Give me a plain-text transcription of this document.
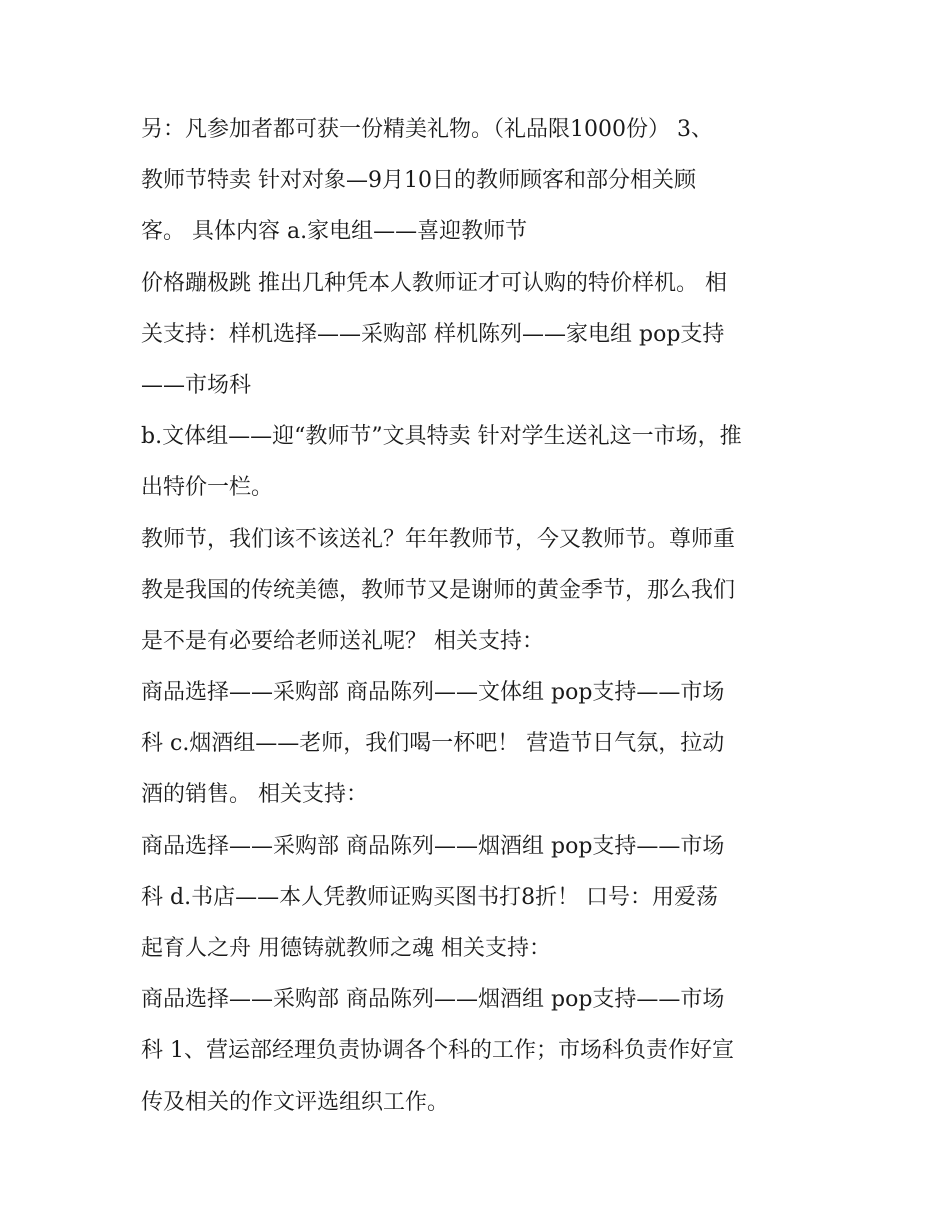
另：凡参加者都可获一份精美礼物。（礼品限1000份） 3、
教师节特卖 针对对象—9月10日的教师顾客和部分相关顾
客。 具体内容 a.家电组——喜迎教师节
价格蹦极跳 推出几种凭本人教师证才可认购的特价样机。 相
关支持：样机选择——采购部 样机陈列——家电组 pop支持
——市场科
b.文体组——迎“教师节”文具特卖 针对学生送礼这一市场，推
出特价一栏。
教师节，我们该不该送礼？年年教师节，今又教师节。尊师重
教是我国的传统美德，教师节又是谢师的黄金季节，那么我们
是不是有必要给老师送礼呢？ 相关支持：
商品选择——采购部 商品陈列——文体组 pop支持——市场
科 c.烟酒组——老师，我们喝一杯吧！ 营造节日气氛，拉动
酒的销售。 相关支持：
商品选择——采购部 商品陈列——烟酒组 pop支持——市场
科 d.书店——本人凭教师证购买图书打8折！ 口号：用爱荡
起育人之舟 用德铸就教师之魂 相关支持：
商品选择——采购部 商品陈列——烟酒组 pop支持——市场
科 1、营运部经理负责协调各个科的工作；市场科负责作好宣
传及相关的作文评选组织工作。
